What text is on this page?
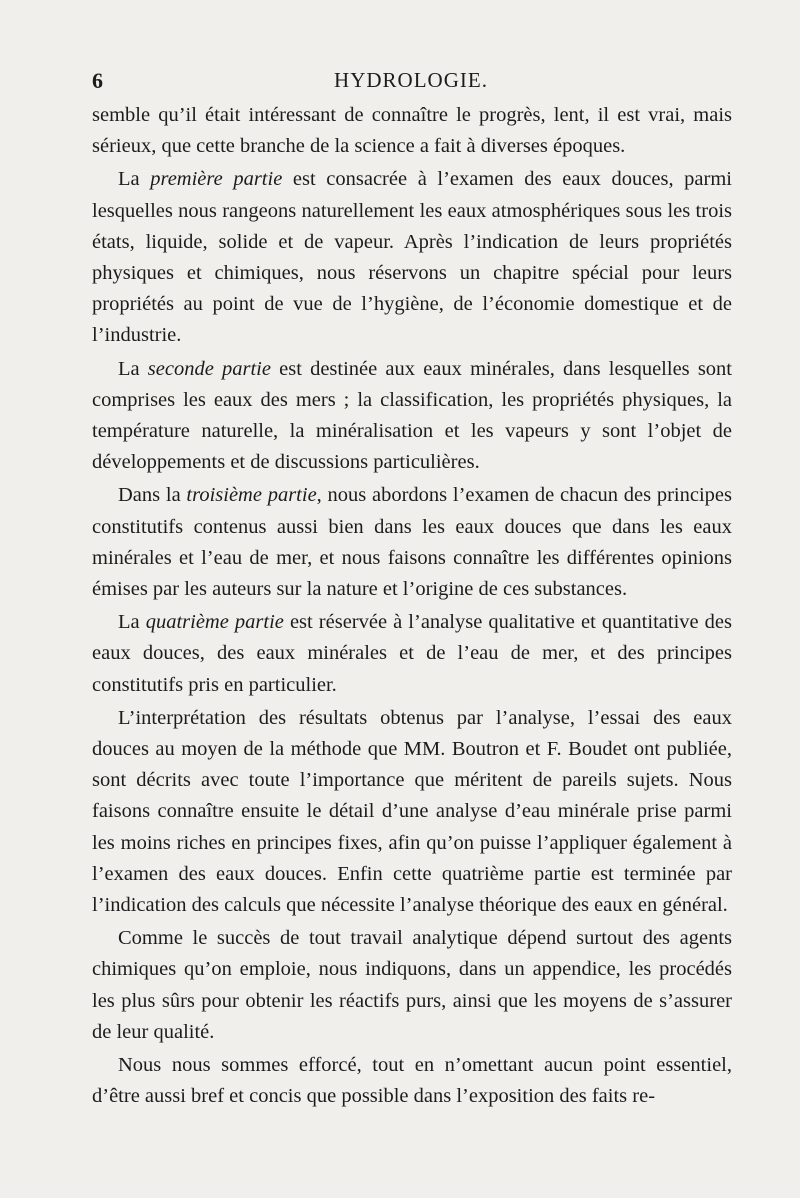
6	HYDROLOGIE.

semble qu’il était intéressant de connaître le progrès, lent, il est vrai, mais sérieux, que cette branche de la science a fait à diverses époques.

La première partie est consacrée à l’examen des eaux douces, parmi lesquelles nous rangeons naturellement les eaux atmosphériques sous les trois états, liquide, solide et de vapeur. Après l’indication de leurs propriétés physiques et chimiques, nous réservons un chapitre spécial pour leurs propriétés au point de vue de l’hygiène, de l’économie domestique et de l’industrie.

La seconde partie est destinée aux eaux minérales, dans lesquelles sont comprises les eaux des mers ; la classification, les propriétés physiques, la température naturelle, la minéralisation et les vapeurs y sont l’objet de développements et de discussions particulières.

Dans la troisième partie, nous abordons l’examen de chacun des principes constitutifs contenus aussi bien dans les eaux douces que dans les eaux minérales et l’eau de mer, et nous faisons connaître les différentes opinions émises par les auteurs sur la nature et l’origine de ces substances.

La quatrième partie est réservée à l’analyse qualitative et quantitative des eaux douces, des eaux minérales et de l’eau de mer, et des principes constitutifs pris en particulier.

L’interprétation des résultats obtenus par l’analyse, l’essai des eaux douces au moyen de la méthode que MM. Boutron et F. Boudet ont publiée, sont décrits avec toute l’importance que méritent de pareils sujets. Nous faisons connaître ensuite le détail d’une analyse d’eau minérale prise parmi les moins riches en principes fixes, afin qu’on puisse l’appliquer également à l’examen des eaux douces. Enfin cette quatrième partie est terminée par l’indication des calculs que nécessite l’analyse théorique des eaux en général.

Comme le succès de tout travail analytique dépend surtout des agents chimiques qu’on emploie, nous indiquons, dans un appendice, les procédés les plus sûrs pour obtenir les réactifs purs, ainsi que les moyens de s’assurer de leur qualité.

Nous nous sommes efforcé, tout en n’omettant aucun point essentiel, d’être aussi bref et concis que possible dans l’exposition des faits re-
